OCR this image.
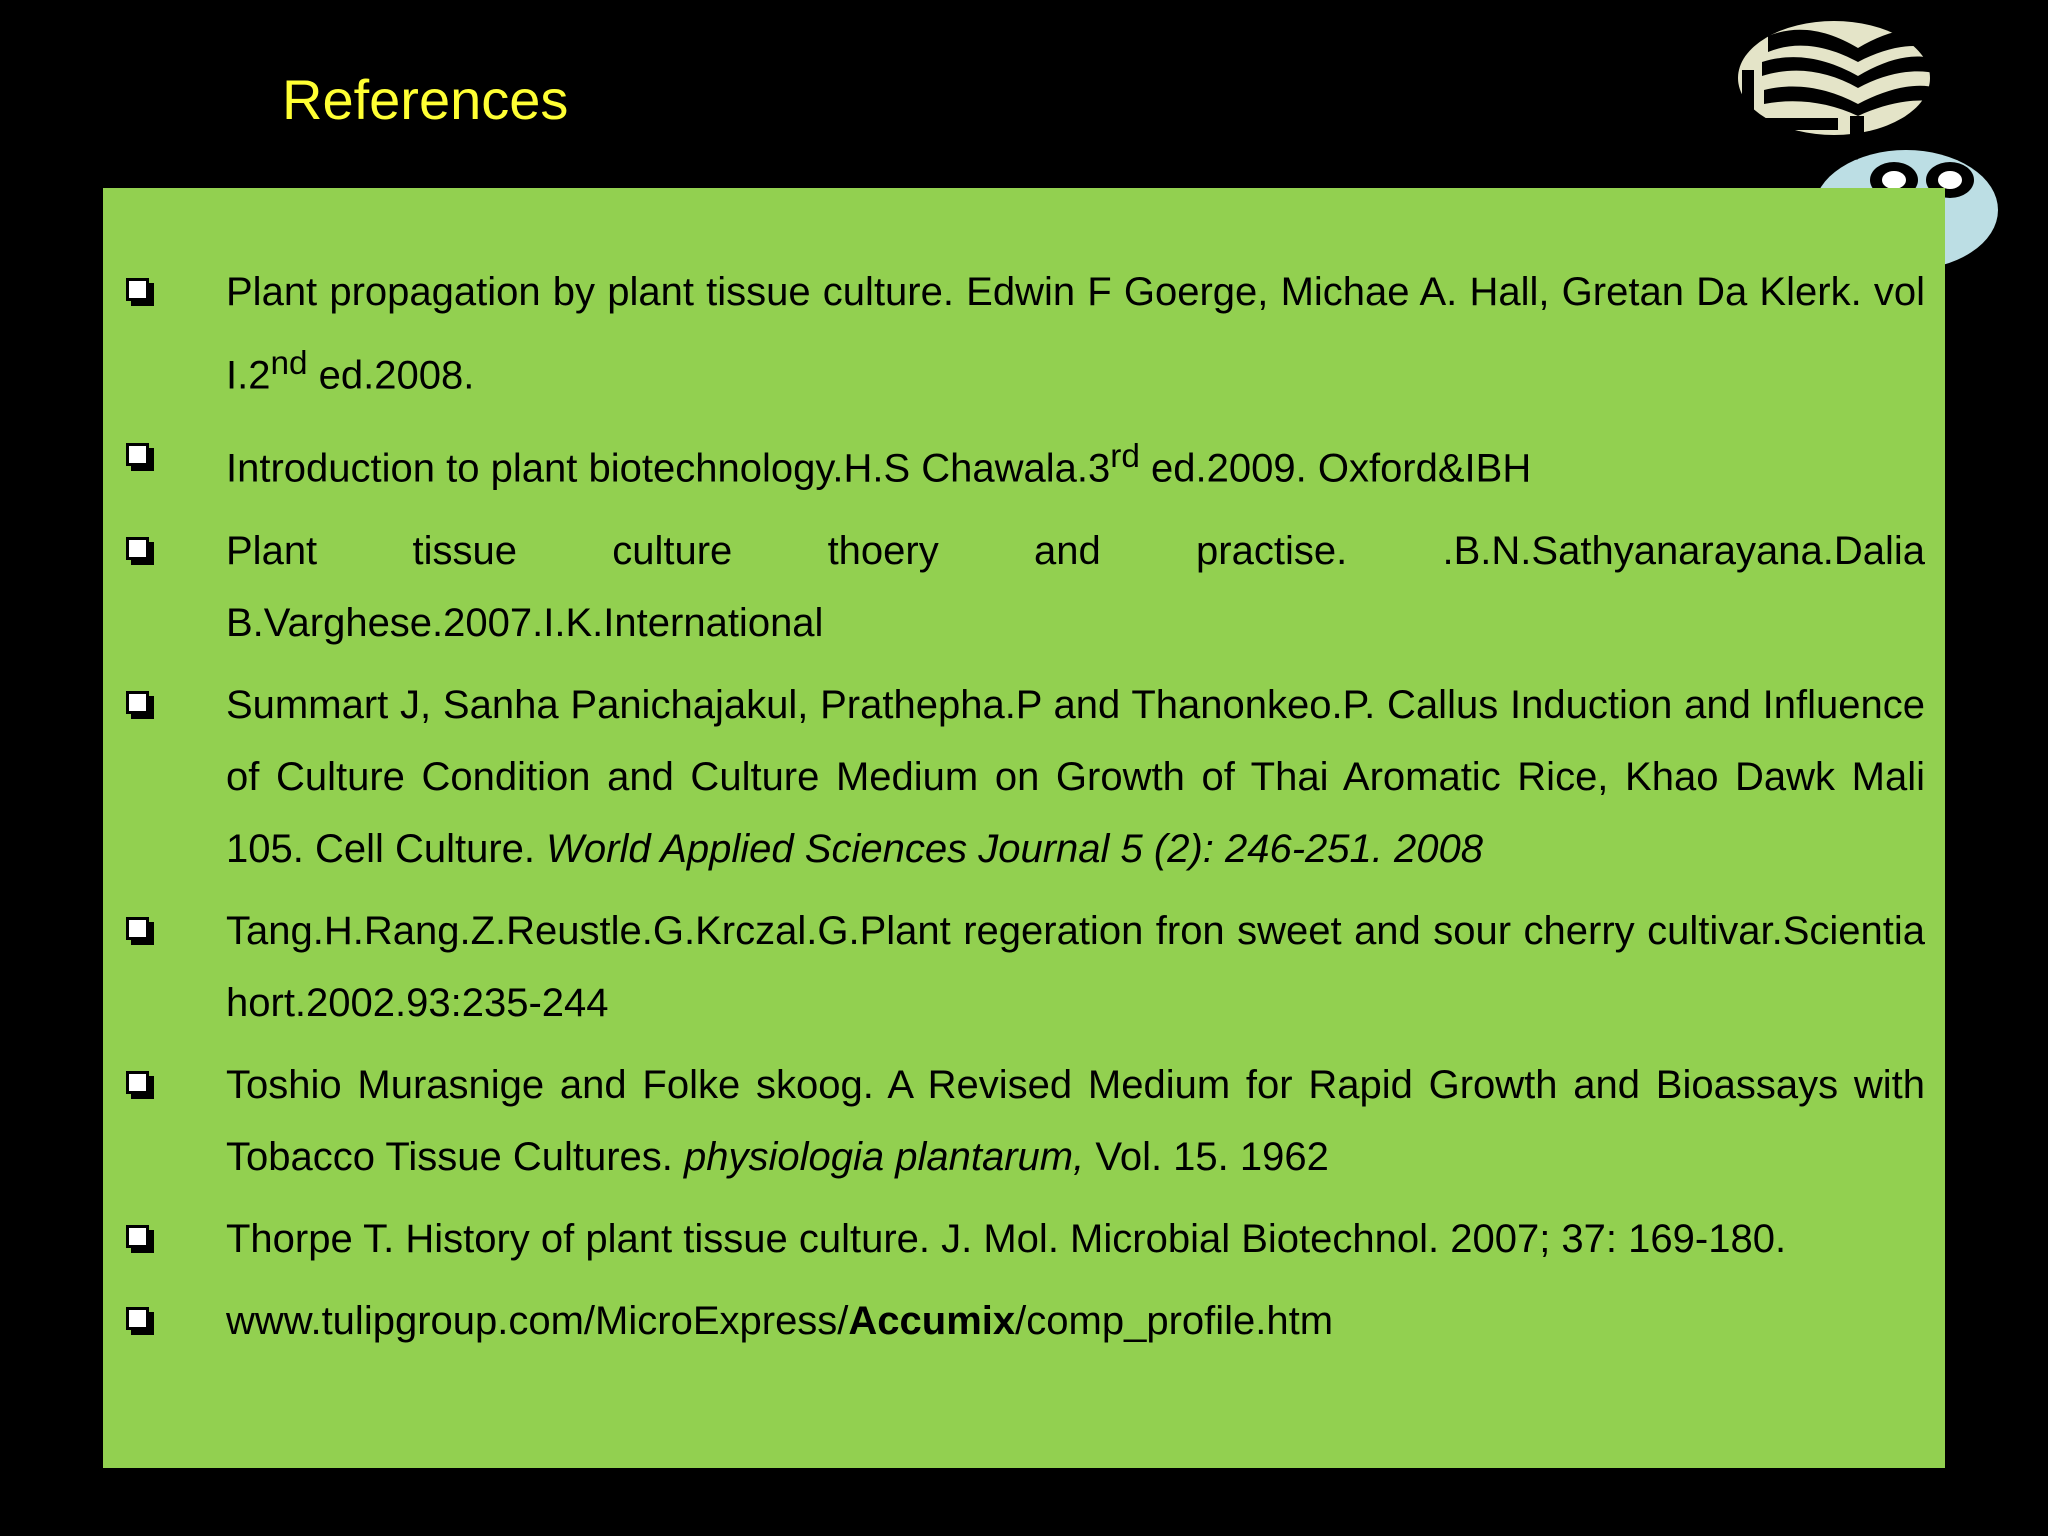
References
Plant propagation by plant tissue culture. Edwin F Goerge, Michae A. Hall, Gretan Da Klerk. vol I.2nd ed.2008.
Introduction to plant biotechnology.H.S Chawala.3rd ed.2009. Oxford&IBH
Plant tissue culture thoery and practise. .B.N.Sathyanarayana.Dalia B.Varghese.2007.I.K.International
Summart J, Sanha Panichajakul, Prathepha.P and Thanonkeo.P. Callus Induction and Influence of Culture Condition and Culture Medium on Growth of Thai Aromatic Rice, Khao Dawk Mali 105. Cell Culture. World Applied Sciences Journal 5 (2): 246-251. 2008
Tang.H.Rang.Z.Reustle.G.Krczal.G.Plant regeration fron sweet and sour cherry cultivar.Scientia hort.2002.93:235-244
Toshio Murasnige and Folke skoog. A Revised Medium for Rapid Growth and Bioassays with Tobacco Tissue Cultures. physiologia plantarum, Vol. 15. 1962
Thorpe T. History of plant tissue culture. J. Mol. Microbial Biotechnol. 2007; 37: 169-180.
www.tulipgroup.com/MicroExpress/Accumix/comp_profile.htm
